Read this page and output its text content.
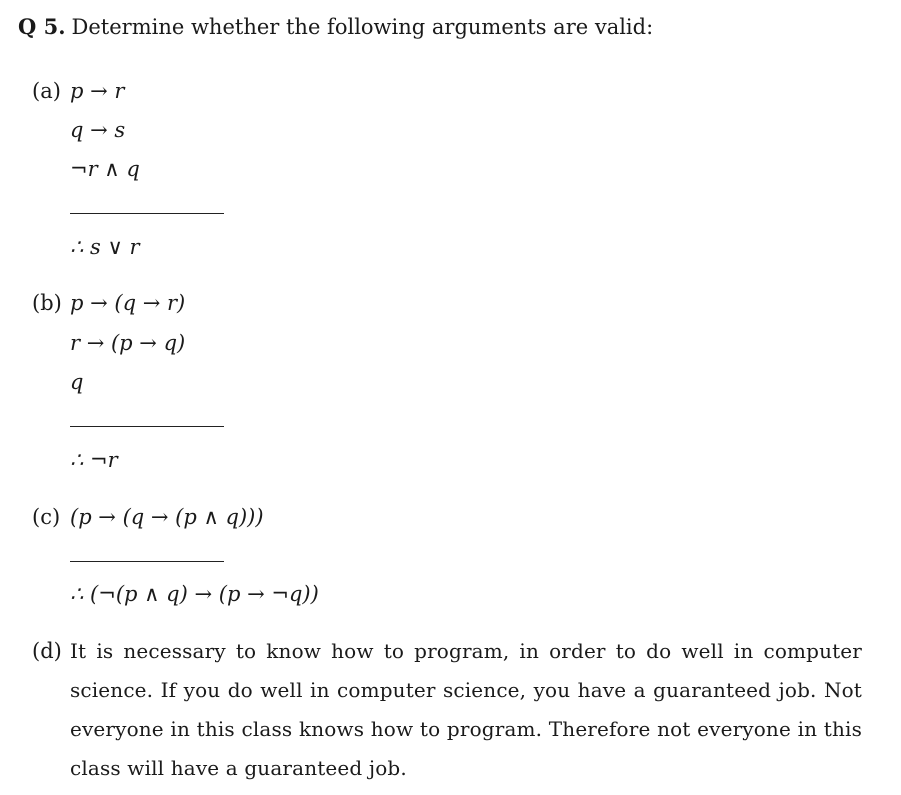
Q 5. Determine whether the following arguments are valid:
(a) p → r
q → s
¬r ∧ q
∴ s ∨ r
(b) p → (q → r)
r → (p → q)
q
∴ ¬r
(c) (p → (q → (p ∧ q)))
∴ (¬(p ∧ q) → (p → ¬q))
(d) It is necessary to know how to program, in order to do well in computer science. If you do well in computer science, you have a guaranteed job. Not everyone in this class knows how to program. Therefore not everyone in this class will have a guaranteed job.
